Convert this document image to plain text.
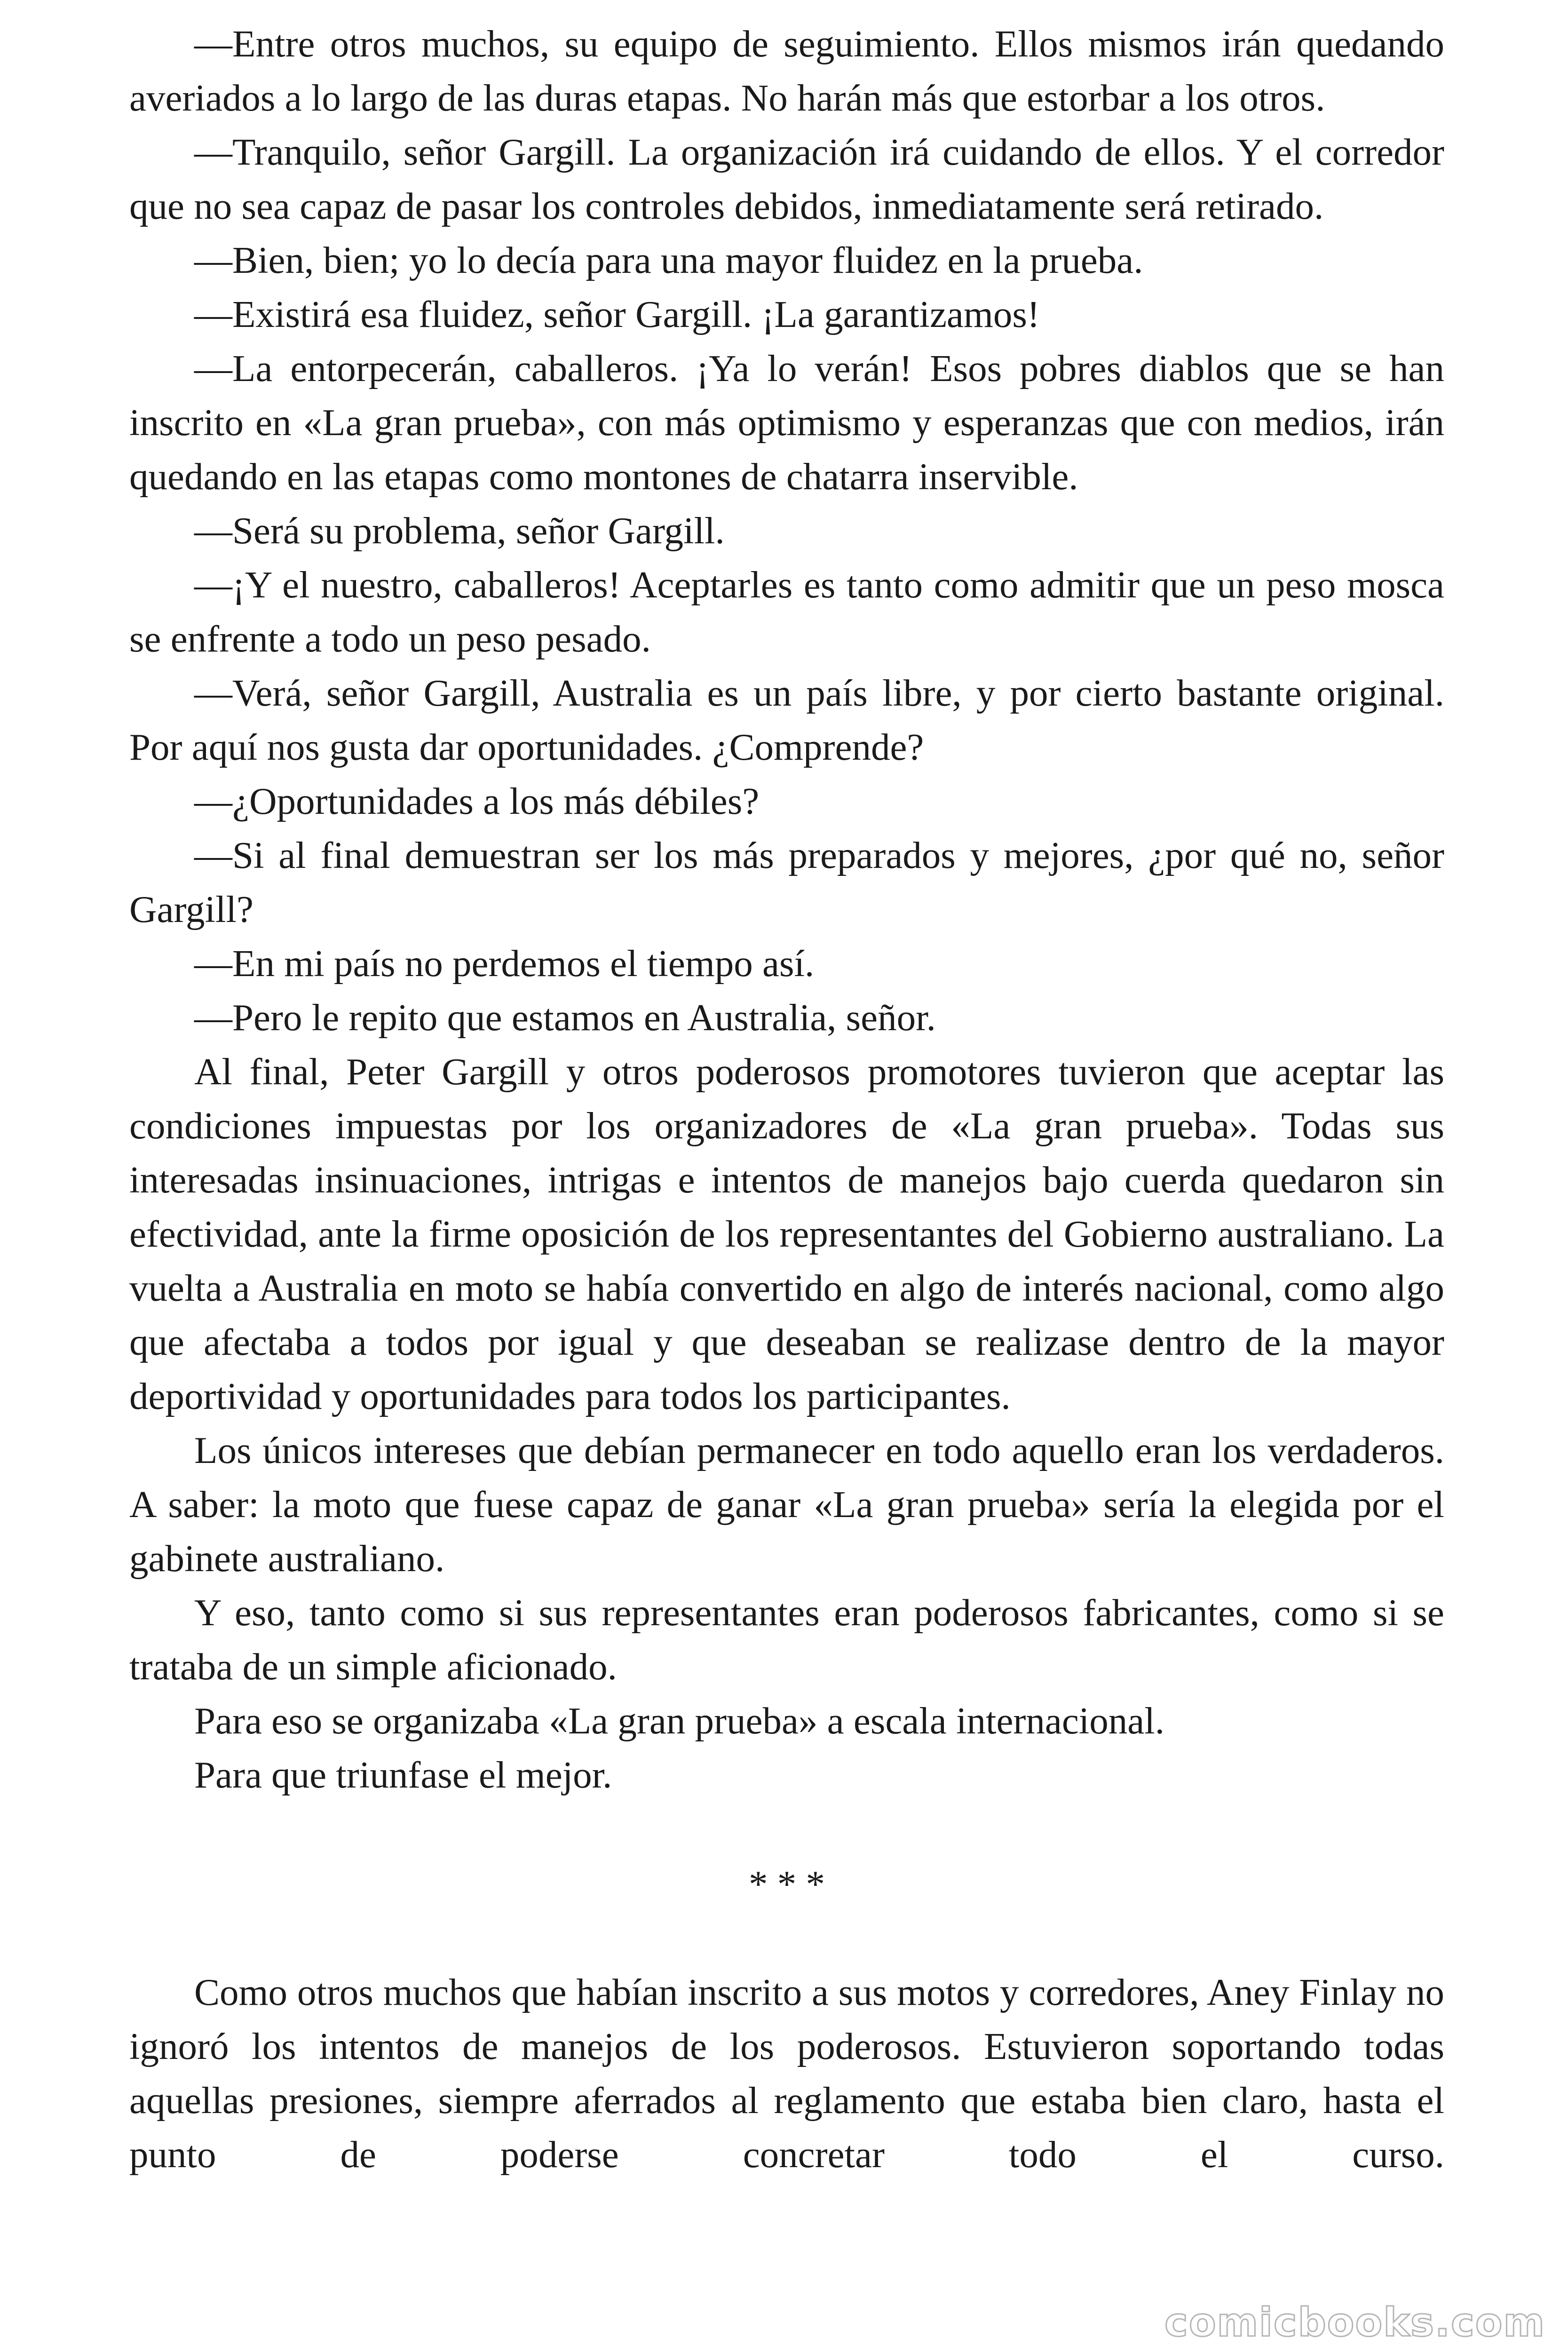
—Entre otros muchos, su equipo de seguimiento. Ellos mismos irán quedando averiados a lo largo de las duras etapas. No harán más que estorbar a los otros.

—Tranquilo, señor Gargill. La organización irá cuidando de ellos. Y el corredor que no sea capaz de pasar los controles debidos, inmediatamente será retirado.

—Bien, bien; yo lo decía para una mayor fluidez en la prueba.

—Existirá esa fluidez, señor Gargill. ¡La garantizamos!

—La entorpecerán, caballeros. ¡Ya lo verán! Esos pobres diablos que se han inscrito en «La gran prueba», con más optimismo y esperanzas que con medios, irán quedando en las etapas como montones de chatarra inservible.

—Será su problema, señor Gargill.

—¡Y el nuestro, caballeros! Aceptarles es tanto como admitir que un peso mosca se enfrente a todo un peso pesado.

—Verá, señor Gargill, Australia es un país libre, y por cierto bastante original. Por aquí nos gusta dar oportunidades. ¿Comprende?

—¿Oportunidades a los más débiles?

—Si al final demuestran ser los más preparados y mejores, ¿por qué no, señor Gargill?

—En mi país no perdemos el tiempo así.

—Pero le repito que estamos en Australia, señor.

Al final, Peter Gargill y otros poderosos promotores tuvieron que aceptar las condiciones impuestas por los organizadores de «La gran prueba». Todas sus interesadas insinuaciones, intrigas e intentos de manejos bajo cuerda quedaron sin efectividad, ante la firme oposición de los representantes del Gobierno australiano. La vuelta a Australia en moto se había convertido en algo de interés nacional, como algo que afectaba a todos por igual y que deseaban se realizase dentro de la mayor deportividad y oportunidades para todos los participantes.

Los únicos intereses que debían permanecer en todo aquello eran los verdaderos. A saber: la moto que fuese capaz de ganar «La gran prueba» sería la elegida por el gabinete australiano.

Y eso, tanto como si sus representantes eran poderosos fabricantes, como si se trataba de un simple aficionado.

Para eso se organizaba «La gran prueba» a escala internacional.

Para que triunfase el mejor.

* * *

Como otros muchos que habían inscrito a sus motos y corredores, Aney Finlay no ignoró los intentos de manejos de los poderosos. Estuvieron soportando todas aquellas presiones, siempre aferrados al reglamento que estaba bien claro, hasta el punto de poderse concretar todo el curso.

comicbooks.com
